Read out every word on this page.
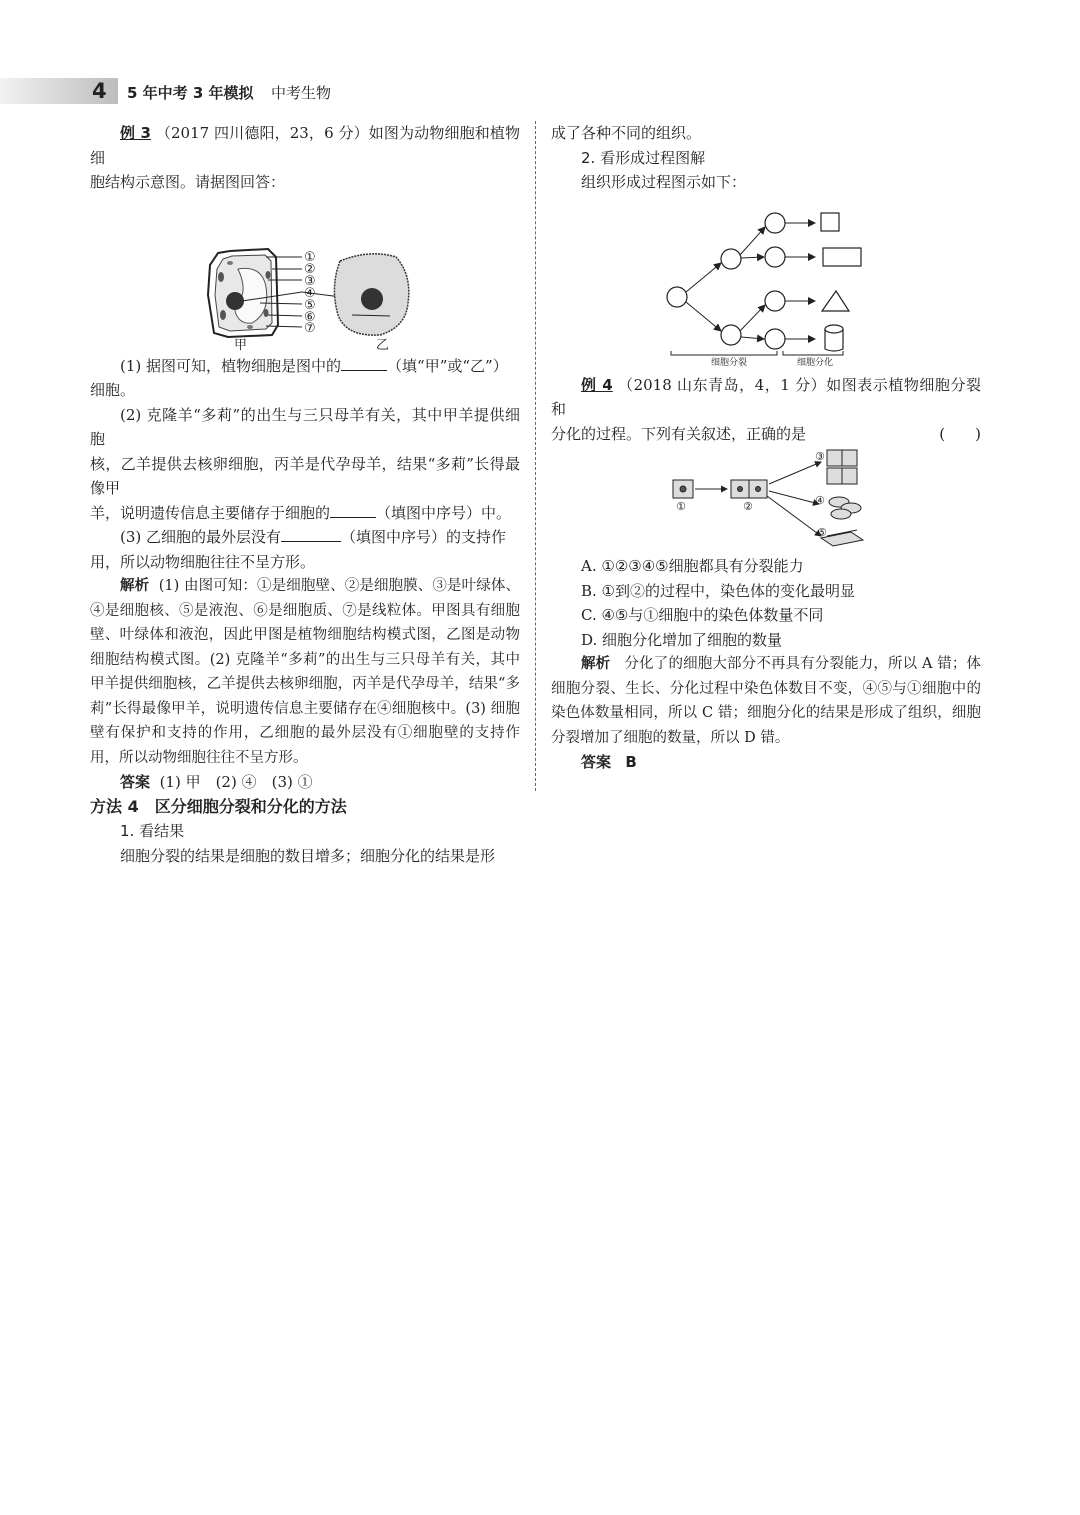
4 5 年中考 3 年模拟 中考生物

例 3 （2017 四川德阳，23，6 分）如图为动物细胞和植物细

胞结构示意图。请据图回答：

①
②
③
④
⑤
⑥
⑦
甲	乙

(1) 据图可知，植物细胞是图中的	（填“甲”或“乙”）

细胞。

(2) 克隆羊“多莉”的出生与三只母羊有关，其中甲羊提供细胞

核，乙羊提供去核卵细胞，丙羊是代孕母羊，结果“多莉”长得最像甲

羊，说明遗传信息主要储存于细胞的	（填图中序号）中。

(3) 乙细胞的最外层没有	（填图中序号）的支持作

用，所以动物细胞往往不呈方形。

解析 (1) 由图可知：①是细胞壁、②是细胞膜、③是叶绿体、④是细胞核、⑤是液泡、⑥是细胞质、⑦是线粒体。甲图具有细胞壁、叶绿体和液泡，因此甲图是植物细胞结构模式图，乙图是动物细胞结构模式图。(2) 克隆羊“多莉”的出生与三只母羊有关，其中甲羊提供细胞核，乙羊提供去核卵细胞，丙羊是代孕母羊，结果“多莉”长得最像甲羊，说明遗传信息主要储存在④细胞核中。(3) 细胞壁有保护和支持的作用，乙细胞的最外层没有①细胞壁的支持作用，所以动物细胞往往不呈方形。

答案 (1) 甲　(2) ④　(3) ①

方法 4　区分细胞分裂和分化的方法

1. 看结果

细胞分裂的结果是细胞的数目增多；细胞分化的结果是形

成了各种不同的组织。

2. 看形成过程图解

组织形成过程图示如下：

细胞分裂	细胞分化

例 4 （2018 山东青岛，4，1 分）如图表示植物细胞分裂和

分化的过程。下列有关叙述，正确的是	(　　)

①	②
③
④
⑤

A. ①②③④⑤细胞都具有分裂能力

B. ①到②的过程中，染色体的变化最明显

C. ④⑤与①细胞中的染色体数量不同

D. 细胞分化增加了细胞的数量

解析 分化了的细胞大部分不再具有分裂能力，所以 A 错；体细胞分裂、生长、分化过程中染色体数目不变，④⑤与①细胞中的染色体数量相同，所以 C 错；细胞分化的结果是形成了组织，细胞分裂增加了细胞的数量，所以 D 错。

答案 B
